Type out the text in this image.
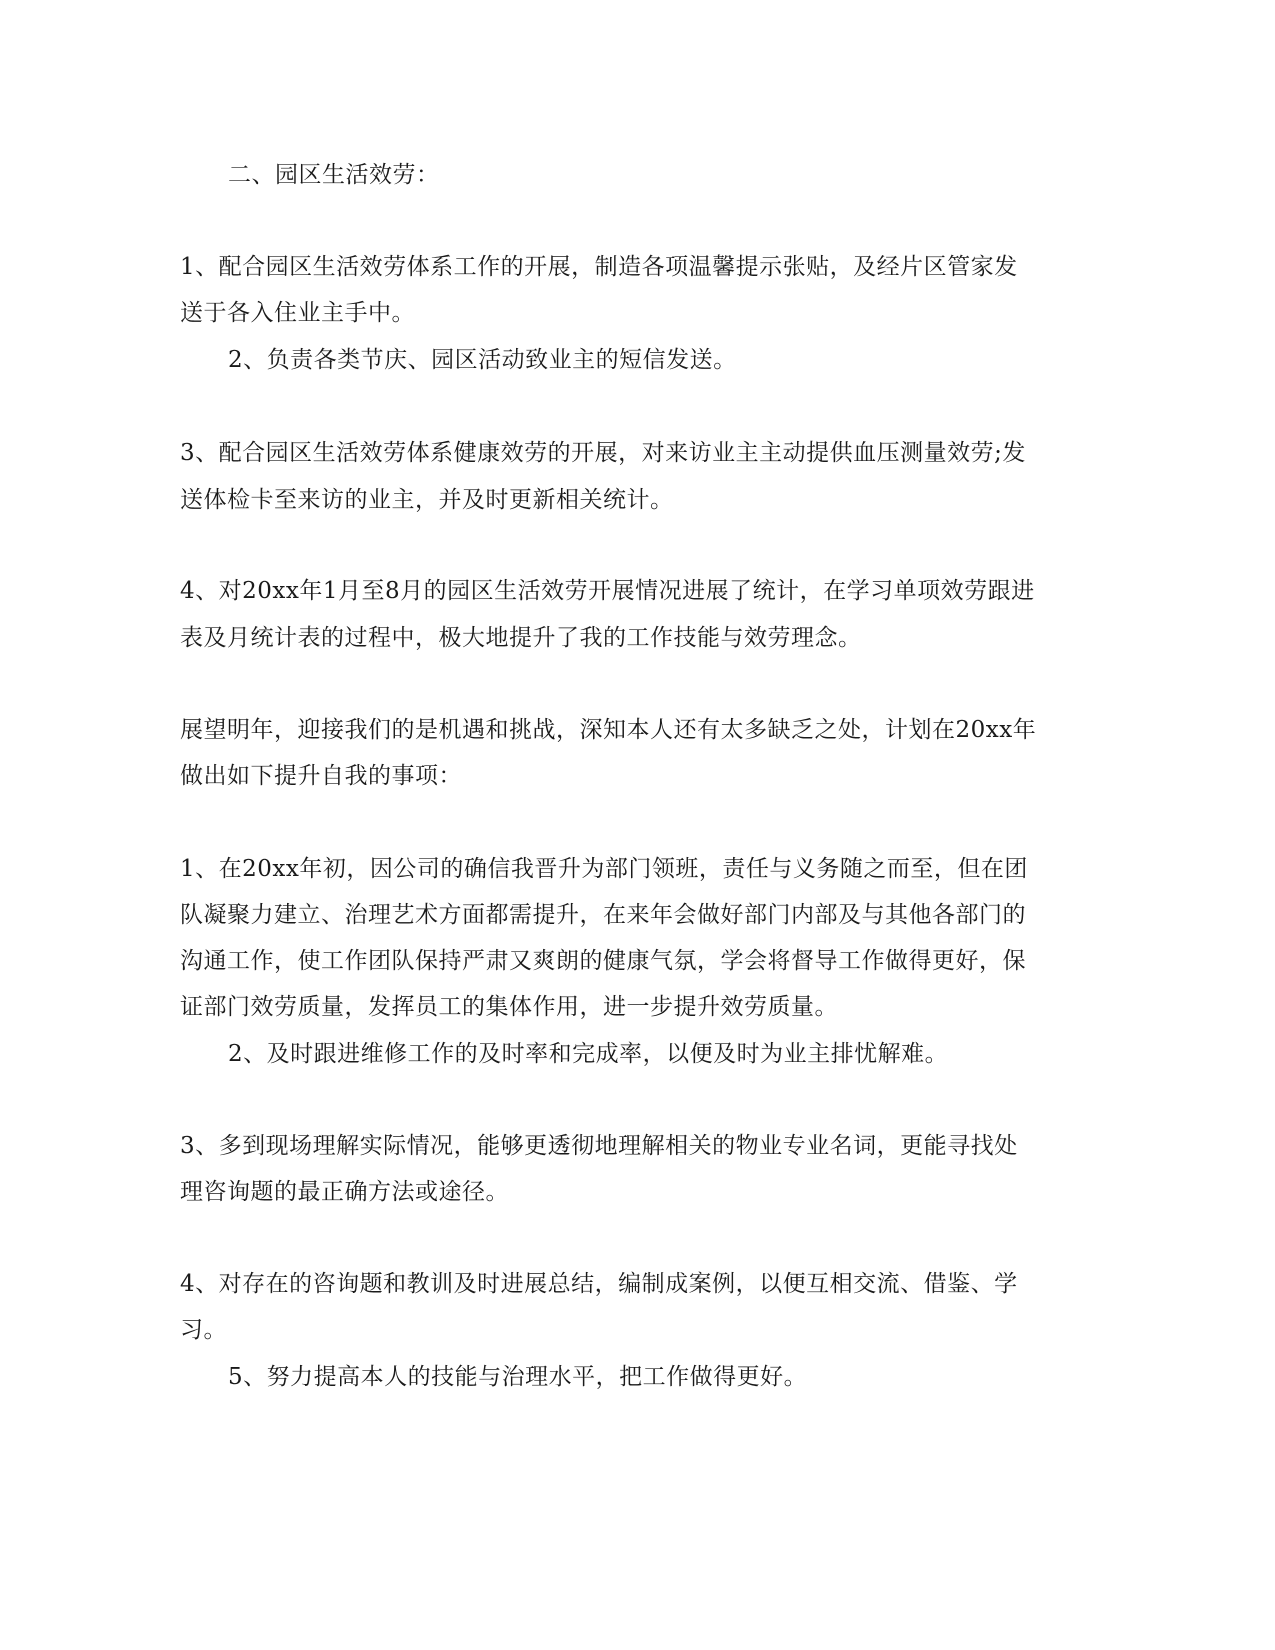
二、园区生活效劳：
1、配合园区生活效劳体系工作的开展，制造各项温馨提示张贴，及经片区管家发
送于各入住业主手中。
2、负责各类节庆、园区活动致业主的短信发送。
3、配合园区生活效劳体系健康效劳的开展，对来访业主主动提供血压测量效劳;发
送体检卡至来访的业主，并及时更新相关统计。
4、对20xx年1月至8月的园区生活效劳开展情况进展了统计，在学习单项效劳跟进
表及月统计表的过程中，极大地提升了我的工作技能与效劳理念。
展望明年，迎接我们的是机遇和挑战，深知本人还有太多缺乏之处，计划在20xx年
做出如下提升自我的事项：
1、在20xx年初，因公司的确信我晋升为部门领班，责任与义务随之而至，但在团
队凝聚力建立、治理艺术方面都需提升，在来年会做好部门内部及与其他各部门的
沟通工作，使工作团队保持严肃又爽朗的健康气氛，学会将督导工作做得更好，保
证部门效劳质量，发挥员工的集体作用，进一步提升效劳质量。
2、及时跟进维修工作的及时率和完成率，以便及时为业主排忧解难。
3、多到现场理解实际情况，能够更透彻地理解相关的物业专业名词，更能寻找处
理咨询题的最正确方法或途径。
4、对存在的咨询题和教训及时进展总结，编制成案例，以便互相交流、借鉴、学
习。
5、努力提高本人的技能与治理水平，把工作做得更好。
